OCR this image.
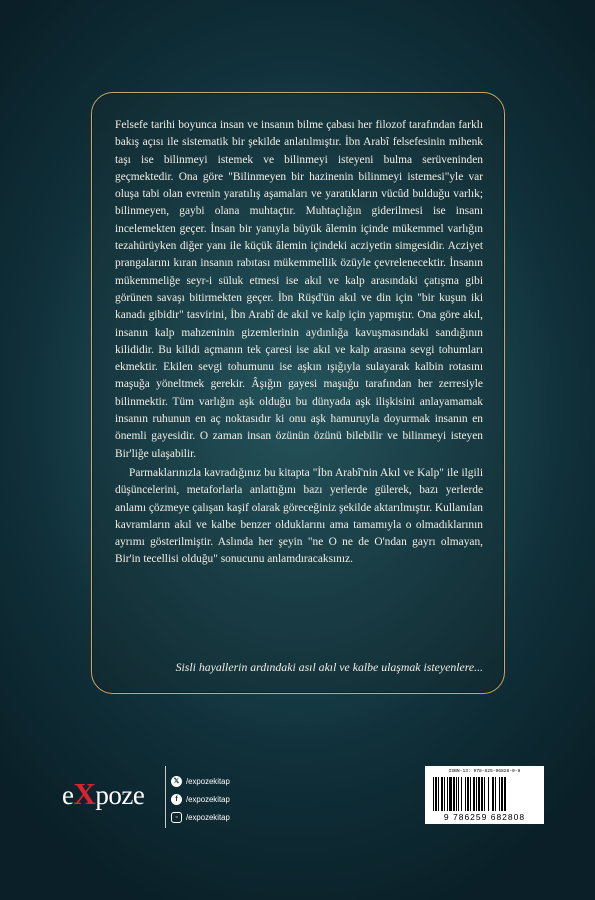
Felsefe tarihi boyunca insan ve insanın bilme çabası her filozof tarafından farklı bakış açısı ile sistematik bir şekilde anlatılmıştır. İbn Arabî felsefesinin mihenk taşı ise bilinmeyi istemek ve bilinmeyi isteyeni bulma serüveninden geçmektedir. Ona göre "Bilinmeyen bir hazinenin bilinmeyi istemesi"yle var oluşa tabi olan evrenin yaratılış aşamaları ve yaratıkların vücûd bulduğu varlık; bilinmeyen, gaybi olana muhtaçtır. Muhtaçlığın giderilmesi ise insanı incelemekten geçer. İnsan bir yanıyla büyük âlemin içinde mükemmel varlığın tezahürüyken diğer yanı ile küçük âlemin içindeki acziyetin simgesidir. Acziyet prangalarını kıran insanın rabıtası mükemmellik özüyle çevrelenecektir. İnsanın mükemmeliğe seyr-i süluk etmesi ise akıl ve kalp arasındaki çatışma gibi görünen savaşı bitirmekten geçer. İbn Rüşd'ün akıl ve din için "bir kuşun iki kanadı gibidir" tasvirini, İbn Arabî de akıl ve kalp için yapmıştır. Ona göre akıl, insanın kalp mahzeninin gizemlerinin aydınlığa kavuşmasındaki sandığının kilididir. Bu kilidi açmanın tek çaresi ise akıl ve kalp arasına sevgi tohumları ekmektir. Ekilen sevgi tohumunu ise aşkın ışığıyla sulayarak kalbin rotasını maşuğa yöneltmek gerekir. Âşığın gayesi maşuğu tarafından her zerresiyle bilinmektir. Tüm varlığın aşk olduğu bu dünyada aşk ilişkisini anlayamamak insanın ruhunun en aç noktasıdır ki onu aşk hamuruyla doyurmak insanın en önemli gayesidir. O zaman insan özünün özünü bilebilir ve bilinmeyi isteyen Bir'liğe ulaşabilir.

Parmaklarınızla kavradığınız bu kitapta "İbn Arabî'nin Akıl ve Kalp" ile ilgili düşüncelerini, metaforlarla anlattığını bazı yerlerde gülerek, bazı yerlerde anlamı çözmeye çalışan kaşif olarak göreceğiniz şekilde aktarılmıştır. Kullanılan kavramların akıl ve kalbe benzer olduklarını ama tamamıyla o olmadıklarının ayrımı gösterilmiştir. Aslında her şeyin "ne O ne de O'ndan gayrı olmayan, Bir'in tecellisi olduğu" sonucunu anlamdıracaksınız.

Sisli hayallerin ardındaki asıl akıl ve kalbe ulaşmak isteyenlere...
eXpoze	𝕏 /expozekitap
f	/expozekitap
◦	/expozekitap
ISBN-13: 978-625-96828-0-8
9 786259 682808
